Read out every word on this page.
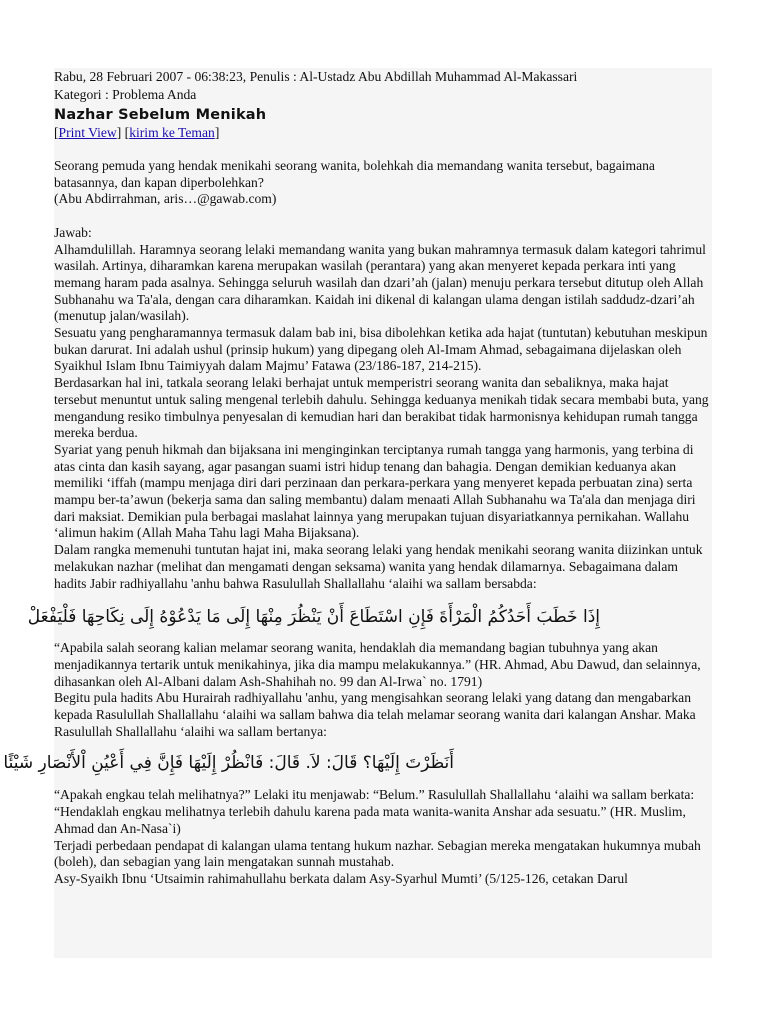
Rabu, 28 Februari 2007 - 06:38:23, Penulis : Al-Ustadz Abu Abdillah Muhammad Al-Makassari
Kategori : Problema Anda
Nazhar Sebelum Menikah
[Print View] [kirim ke Teman]

Seorang pemuda yang hendak menikahi seorang wanita, bolehkah dia memandang wanita tersebut, bagaimana batasannya, dan kapan diperbolehkan?

(Abu Abdirrahman, aris…@gawab.com)

Jawab:

Alhamdulillah. Haramnya seorang lelaki memandang wanita yang bukan mahramnya termasuk dalam kategori tahrimul wasilah. Artinya, diharamkan karena merupakan wasilah (perantara) yang akan menyeret kepada perkara inti yang memang haram pada asalnya. Sehingga seluruh wasilah dan dzari’ah (jalan) menuju perkara tersebut ditutup oleh Allah Subhanahu wa Ta'ala, dengan cara diharamkan. Kaidah ini dikenal di kalangan ulama dengan istilah saddudz-dzari’ah (menutup jalan/wasilah).

Sesuatu yang pengharamannya termasuk dalam bab ini, bisa dibolehkan ketika ada hajat (tuntutan) kebutuhan meskipun bukan darurat. Ini adalah ushul (prinsip hukum) yang dipegang oleh Al-Imam Ahmad, sebagaimana dijelaskan oleh Syaikhul Islam Ibnu Taimiyyah dalam Majmu’ Fatawa (23/186-187, 214-215).

Berdasarkan hal ini, tatkala seorang lelaki berhajat untuk memperistri seorang wanita dan sebaliknya, maka hajat tersebut menuntut untuk saling mengenal terlebih dahulu. Sehingga keduanya menikah tidak secara membabi buta, yang mengandung resiko timbulnya penyesalan di kemudian hari dan berakibat tidak harmonisnya kehidupan rumah tangga mereka berdua.

Syariat yang penuh hikmah dan bijaksana ini menginginkan terciptanya rumah tangga yang harmonis, yang terbina di atas cinta dan kasih sayang, agar pasangan suami istri hidup tenang dan bahagia. Dengan demikian keduanya akan memiliki ‘iffah (mampu menjaga diri dari perzinaan dan perkara-perkara yang menyeret kepada perbuatan zina) serta mampu ber-ta’awun (bekerja sama dan saling membantu) dalam menaati Allah Subhanahu wa Ta'ala dan menjaga diri dari maksiat. Demikian pula berbagai maslahat lainnya yang merupakan tujuan disyariatkannya pernikahan. Wallahu ‘alimun hakim (Allah Maha Tahu lagi Maha Bijaksana).

Dalam rangka memenuhi tuntutan hajat ini, maka seorang lelaki yang hendak menikahi seorang wanita diizinkan untuk melakukan nazhar (melihat dan mengamati dengan seksama) wanita yang hendak dilamarnya. Sebagaimana dalam hadits Jabir radhiyallahu 'anhu bahwa Rasulullah Shallallahu ‘alaihi wa sallam bersabda:

إِذَا خَطَبَ أَحَدُكُمُ الْمَرْأَةَ فَإِنِ اسْتَطَاعَ أَنْ يَنْظُرَ مِنْهَا إِلَى مَا يَدْعُوْهُ إِلَى نِكَاحِهَا فَلْيَفْعَلْ

“Apabila salah seorang kalian melamar seorang wanita, hendaklah dia memandang bagian tubuhnya yang akan menjadikannya tertarik untuk menikahinya, jika dia mampu melakukannya.” (HR. Ahmad, Abu Dawud, dan selainnya, dihasankan oleh Al-Albani dalam Ash-Shahihah no. 99 dan Al-Irwa` no. 1791)

Begitu pula hadits Abu Hurairah radhiyallahu 'anhu, yang mengisahkan seorang lelaki yang datang dan mengabarkan kepada Rasulullah Shallallahu ‘alaihi wa sallam bahwa dia telah melamar seorang wanita dari kalangan Anshar. Maka Rasulullah Shallallahu ‘alaihi wa sallam bertanya:

أَنَظَرْتَ إِلَيْهَا؟ قَالَ: لاَ. قَالَ: فَانْظُرْ إِلَيْهَا فَإِنَّ فِي أَعْيُنِ اْلأَنْصَارِ شَيْئًا

“Apakah engkau telah melihatnya?” Lelaki itu menjawab: “Belum.” Rasulullah Shallallahu ‘alaihi wa sallam berkata: “Hendaklah engkau melihatnya terlebih dahulu karena pada mata wanita-wanita Anshar ada sesuatu.” (HR. Muslim, Ahmad dan An-Nasa`i)

Terjadi perbedaan pendapat di kalangan ulama tentang hukum nazhar. Sebagian mereka mengatakan hukumnya mubah (boleh), dan sebagian yang lain mengatakan sunnah mustahab.

Asy-Syaikh Ibnu ‘Utsaimin rahimahullahu berkata dalam Asy-Syarhul Mumti’ (5/125-126, cetakan Darul
